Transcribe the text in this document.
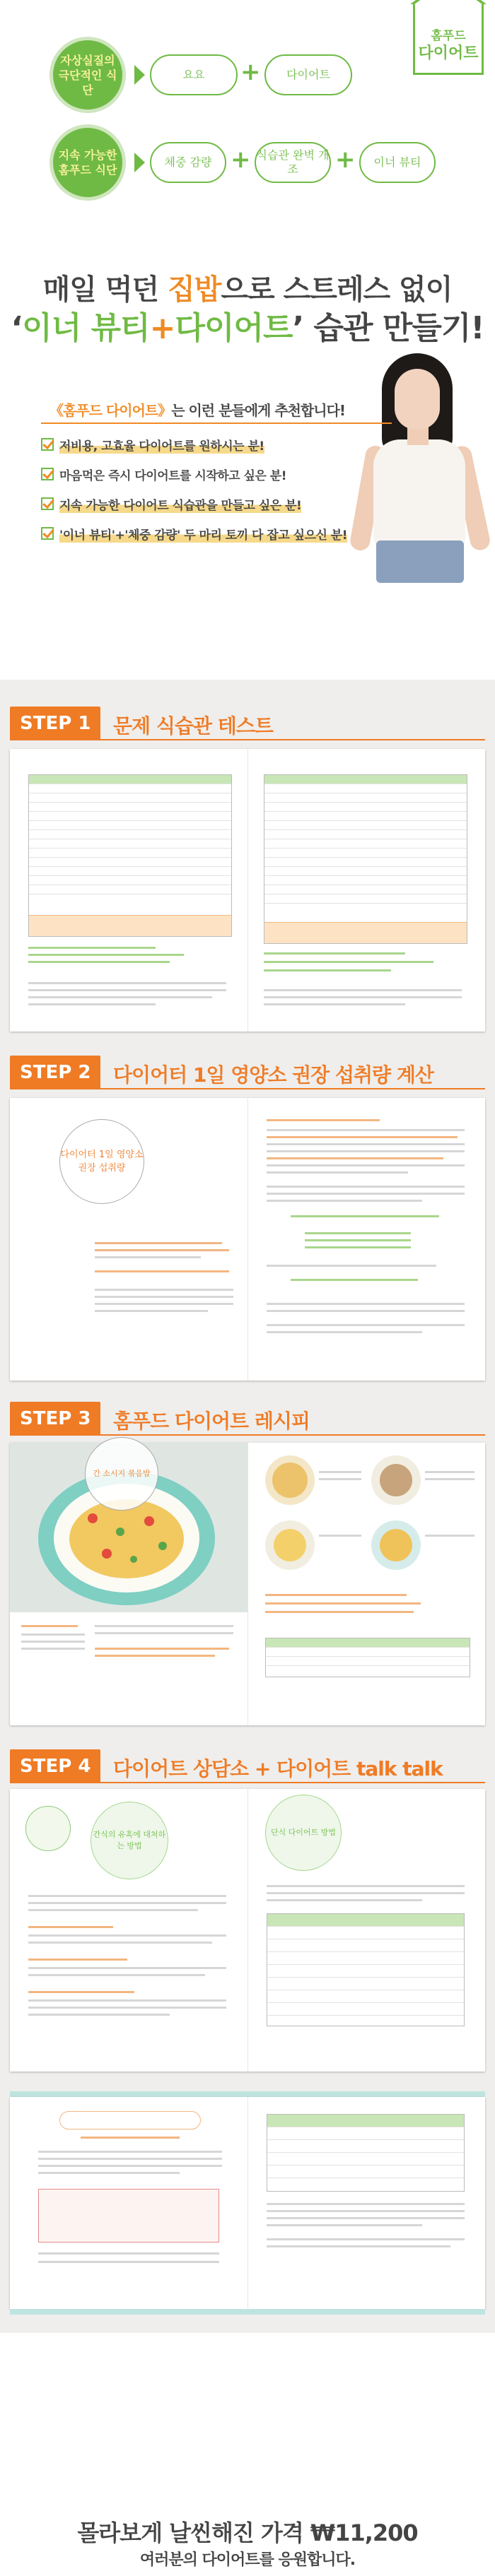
홈푸드
다이어트
자상실질의 극단적인 식단
요요	+	다이어트
지속 가능한 홈푸드 식단
체중 감량 + 식습관 완벽 개조	+	이너 뷰티
매일 먹던 집밥으로 스트레스 없이
‘이너 뷰티+다이어트’ 습관 만들기!
《홈푸드 다이어트》는 이런 분들에게 추천합니다!
저비용, 고효율 다이어트를 원하시는 분!
마음먹은 즉시 다이어트를 시작하고 싶은 분!
지속 가능한 다이어트 식습관을 만들고 싶은 분!
'이너 뷰티'+'체중 감량' 두 마리 토끼 다 잡고 싶으신 분!
STEP 1	문제 식습관 테스트
STEP 2	다이어터 1일 영양소 권장 섭취량 계산
다이어터 1일 영양소 권장 섭취량
STEP 3	홈푸드 다이어트 레시피
간 소시지 볶음밥
STEP 4	다이어트 상담소 + 다이어트 talk talk
간식의 유혹에 대처하는 방법
단식 다이어트 방법
몰라보게 날씬해진 가격 ₩11,200
여러분의 다이어트를 응원합니다.
